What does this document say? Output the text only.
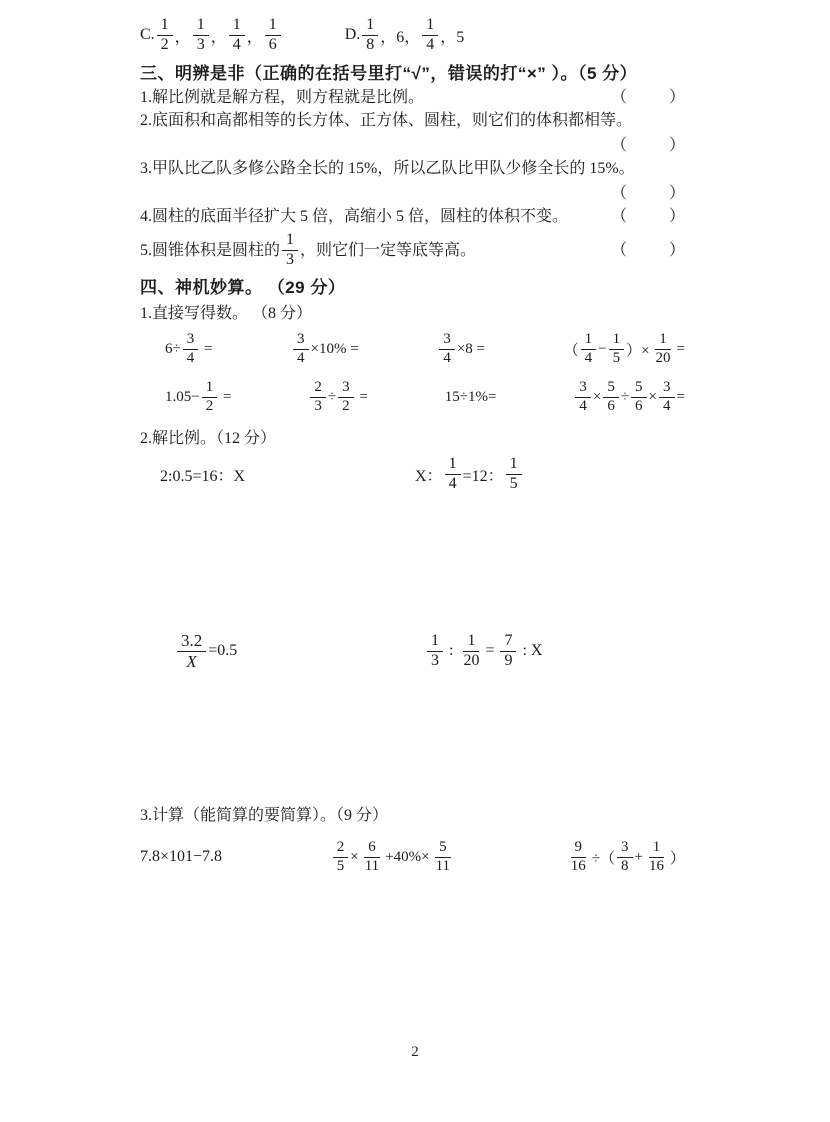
C. $\frac{1}{2}$ ， $\frac{1}{3}$ ， $\frac{1}{4}$ ， $\frac{1}{6}$	D. $\frac{1}{8}$ ，6， $\frac{1}{4}$ ，5
三、明辨是非（正确的在括号里打“√”，错误的打“×” ）。（5 分）
1.解比例就是解方程，则方程就是比例。	（	）
2.底面积和高都相等的长方体、正方体、圆柱，则它们的体积都相等。
（	）
3.甲队比乙队多修公路全长的 15%，所以乙队比甲队少修全长的 15%。
（	）
4.圆柱的底面半径扩大 5 倍，高缩小 5 倍，圆柱的体积不变。	（	）
5.圆锥体积是圆柱的 $\frac{1}{3}$ ，则它们一定等底等高。	（	）
四、神机妙算。 （29 分）
1.直接写得数。 （8 分）
$6\div \frac{3}{4}$ =	$\frac{3}{4} \times 10\%$ =	$\frac{3}{4} \times 8$ =	（ $\frac{1}{4} - \frac{1}{5}$ ）× $\frac{1}{20}$ =
$1.05- \frac{1}{2}$ =	$\frac{2}{3} \div \frac{3}{2}$ =	15÷1%=	$\frac{3}{4} \times \frac{5}{6} \div \frac{5}{6} \times \frac{3}{4}$ =
2.解比例。（12 分）
2:0.5=16：X	X： $\frac{1}{4} =12$： $\frac{1}{5}$
$\frac{3.2}{X} =0.5$	$\frac{1}{3}$ : $\frac{1}{20} = \frac{7}{9}$ : X
3.计算（能简算的要简算）。（9 分）
7.8×101−7.8	$\frac{2}{5} \times \frac{6}{11} +40\%\times \frac{5}{11}$	$\frac{9}{16}$ ÷（ $\frac{3}{8} + \frac{1}{16}$ ）
2
